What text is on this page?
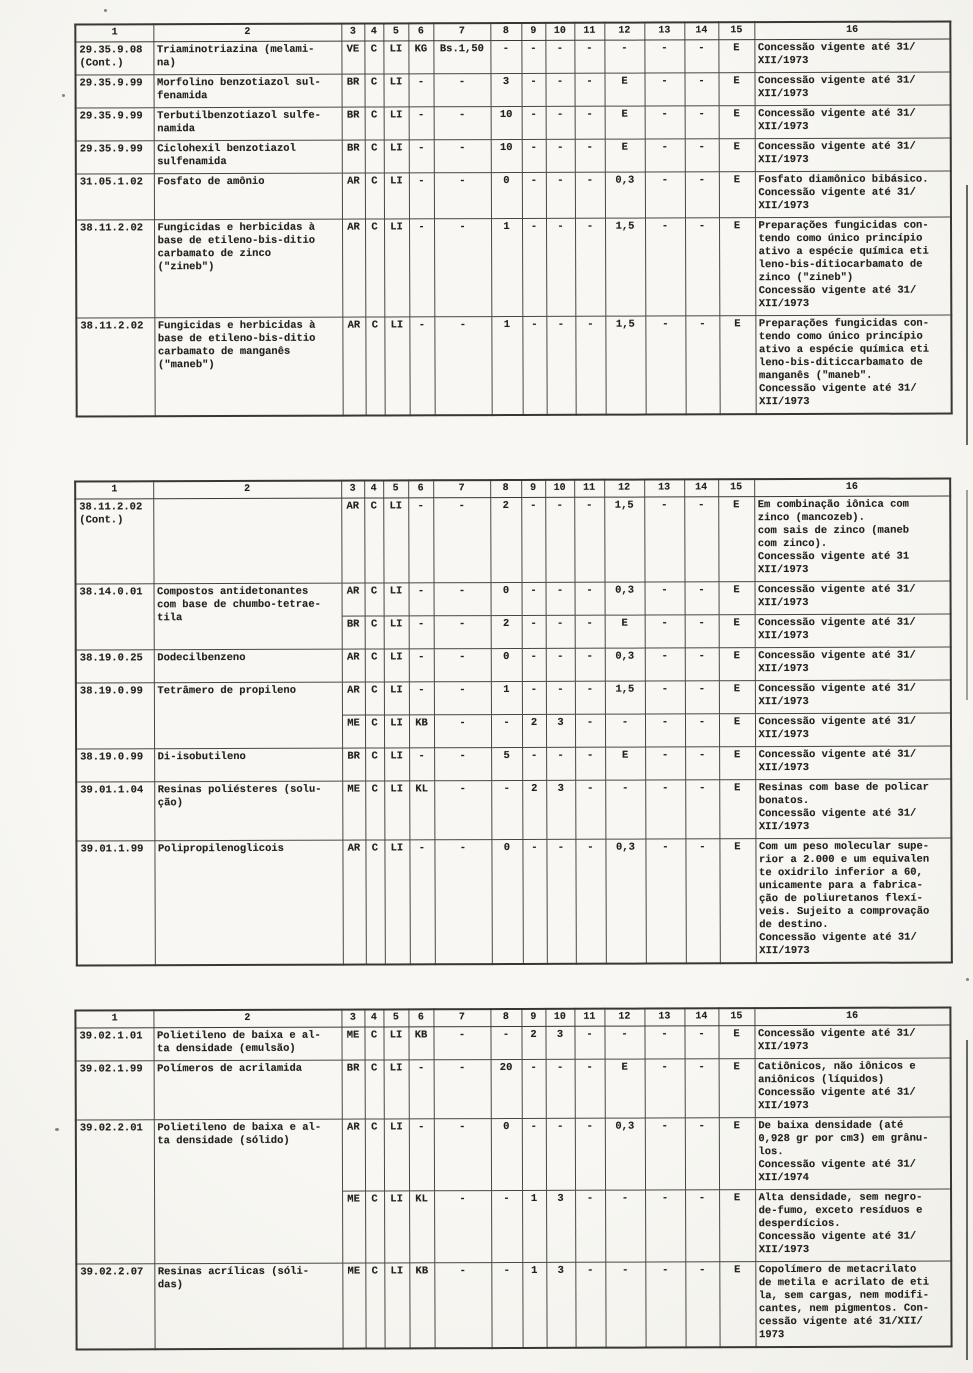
1	2	3	4	5	6	7	8	9	10	11	12	13	14	15	16
29.35.9.08
(Cont.)	Triaminotriazina (melami-
na)	VE	C	LI	KG	Bs.1,50	-	-	-	-	-	-	-	E	Concessão vigente até 31/
XII/1973
29.35.9.99	Morfolino benzotiazol sul-
fenamida	BR	C	LI	-	-	3	-	-	-	E	-	-	E	Concessão vigente até 31/
XII/1973
29.35.9.99	Terbutilbenzotiazol sulfe-
namida	BR	C	LI	-	-	10	-	-	-	E	-	-	E	Concessão vigente até 31/
XII/1973
29.35.9.99	Ciclohexil benzotiazol
sulfenamida	BR	C	LI	-	-	10	-	-	-	E	-	-	E	Concessão vigente até 31/
XII/1973
31.05.1.02	Fosfato de amônio	AR	C	LI	-	-	0	-	-	-	0,3	-	-	E	Fosfato diamônico bibásico.
Concessão vigente até 31/
XII/1973
38.11.2.02	Fungicidas e herbicidas à
base de etileno-bis-ditio
carbamato de zinco
("zineb")	AR	C	LI	-	-	1	-	-	-	1,5	-	-	E	Preparações fungicidas con-
tendo como único princípio
ativo a espécie química eti
leno-bis-ditiocarbamato de
zinco ("zineb")
Concessão vigente até 31/
XII/1973
38.11.2.02	Fungicidas e herbicidas à
base de etileno-bis-ditio
carbamato de manganês
("maneb")	AR	C	LI	-	-	1	-	-	-	1,5	-	-	E	Preparações fungicidas con-
tendo como único princípio
ativo a espécie química eti
leno-bis-diticcarbamato de
manganês ("maneb".
Concessão vigente até 31/
XII/1973
1	2	3	4	5	6	7	8	9	10	11	12	13	14	15	16
38.11.2.02
(Cont.)		AR	C	LI	-	-	2	-	-	-	1,5	-	-	E	Em combinação iônica com
zinco (mancozeb).
com sais de zinco (maneb
com zinco).
Concessão vigente até 31
XII/1973
38.14.0.01	Compostos antidetonantes
com base de chumbo-tetrae-
tila	AR	C	LI	-	-	0	-	-	-	0,3	-	-	E	Concessão vigente até 31/
XII/1973
		BR	C	LI	-	-	2	-	-	-	E	-	-	E	Concessão vigente até 31/
XII/1973
38.19.0.25	Dodecilbenzeno	AR	C	LI	-	-	0	-	-	-	0,3	-	-	E	Concessão vigente até 31/
XII/1973
38.19.0.99	Tetrâmero de propileno	AR	C	LI	-	-	1	-	-	-	1,5	-	-	E	Concessão vigente até 31/
XII/1973
		ME	C	LI	KB	-	-	2	3	-	-	-	-	E	Concessão vigente até 31/
XII/1973
38.19.0.99	Di-isobutileno	BR	C	LI	-	-	5	-	-	-	E	-	-	E	Concessão vigente até 31/
XII/1973
39.01.1.04	Resinas poliésteres (solu-
ção)	ME	C	LI	KL	-	-	2	3	-	-	-	-	E	Resinas com base de policar
bonatos.
Concessão vigente até 31/
XII/1973
39.01.1.99	Polipropilenoglicois	AR	C	LI	-	-	0	-	-	-	0,3	-	-	E	Com um peso molecular supe-
rior a 2.000 e um equivalen
te oxidrilo inferior a 60,
unicamente para a fabrica-
ção de poliuretanos flexí-
veis. Sujeito a comprovação
de destino.
Concessão vigente até 31/
XII/1973
1	2	3	4	5	6	7	8	9	10	11	12	13	14	15	16
39.02.1.01	Polietileno de baixa e al-
ta densidade (emulsão)	ME	C	LI	KB	-	-	2	3	-	-	-	-	E	Concessão vigente até 31/
XII/1973
39.02.1.99	Polímeros de acrilamida	BR	C	LI	-	-	20	-	-	-	E	-	-	E	Catiônicos, não iônicos e
aniônicos (líquidos)
Concessão vigente até 31/
XII/1973
39.02.2.01	Polietileno de baixa e al-
ta densidade (sólido)	AR	C	LI	-	-	0	-	-	-	0,3	-	-	E	De baixa densidade (até
0,928 gr por cm3) em grânu-
los.
Concessão vigente até 31/
XII/1974
		ME	C	LI	KL	-	-	1	3	-	-	-	-	E	Alta densidade, sem negro-
de-fumo, exceto resíduos e
desperdícios.
Concessão vigente até 31/
XII/1973
39.02.2.07	Resinas acrílicas (sóli-
das)	ME	C	LI	KB	-	-	1	3	-	-	-	-	E	Copolímero de metacrilato
de metila e acrilato de eti
la, sem cargas, nem modifi-
cantes, nem pigmentos. Con-
cessão vigente até 31/XII/
1973
